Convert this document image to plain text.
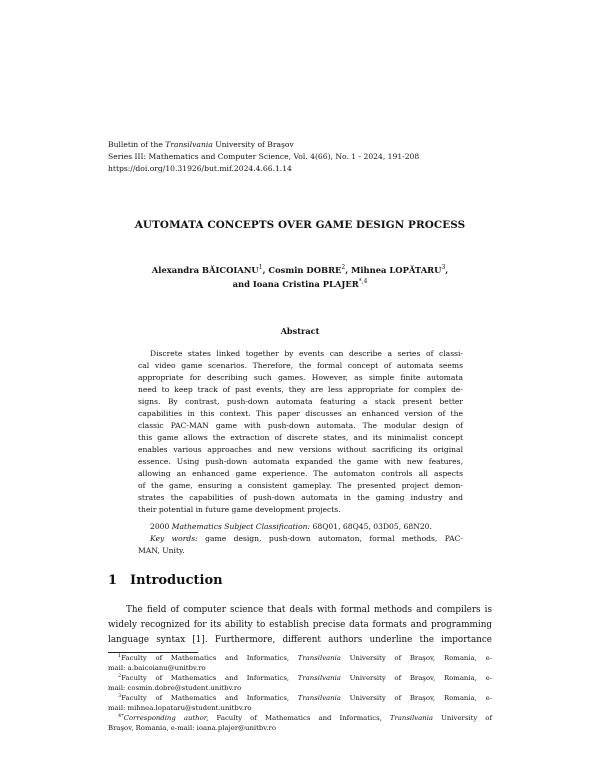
Bulletin of the Transilvania University of Braşov
Series III: Mathematics and Computer Science, Vol. 4(66), No. 1 - 2024, 191-208
https://doi.org/10.31926/but.mif.2024.4.66.1.14
AUTOMATA CONCEPTS OVER GAME DESIGN PROCESS
Alexandra BĂICOIANU$^1$, Cosmin DOBRE$^2$, Mihnea LOPĂTARU$^3$,
and Ioana Cristina $PLAJER^{*,4}$
Abstract
Discrete states linked together by events can describe a series of classi-
cal video game scenarios. Therefore, the formal concept of automata seems
appropriate for describing such games. However, as simple finite automata
need to keep track of past events, they are less appropriate for complex de-
signs. By contrast, push-down automata featuring a stack present better
capabilities in this context. This paper discusses an enhanced version of the
classic PAC-MAN game with push-down automata. The modular design of
this game allows the extraction of discrete states, and its minimalist concept
enables various approaches and new versions without sacrificing its original
essence. Using push-down automata expanded the game with new features,
allowing an enhanced game experience. The automaton controls all aspects
of the game, ensuring a consistent gameplay. The presented project demon-
strates the capabilities of push-down automata in the gaming industry and
their potential in future game development projects.
2000 Mathematics Subject Classification: 68Q01, 68Q45, 03D05, 68N20.
Key words: game design, push-down automaton, formal methods, PAC-
MAN, Unity.
1 Introduction
The field of computer science that deals with formal methods and compilers is
widely recognized for its ability to establish precise data formats and programming
language syntax [1]. Furthermore, different authors underline the importance
$^1$Faculty of Mathematics and Informatics, Transilvania University of Braşov, Romania, e-
mail: a.baicoianu@unitbv.ro
$^2$Faculty of Mathematics and Informatics, Transilvania University of Braşov, Romania, e-
mail: cosmin.dobre@student.unitbv.ro
$^3$Faculty of Mathematics and Informatics, Transilvania University of Braşov, Romania, e-
mail: mihnea.lopataru@student.unitbv.ro
$^{4*}$Corresponding author, Faculty of Mathematics and Informatics, Transilvania University of
Braşov, Romania, e-mail: ioana.plajer@unitbv.ro
